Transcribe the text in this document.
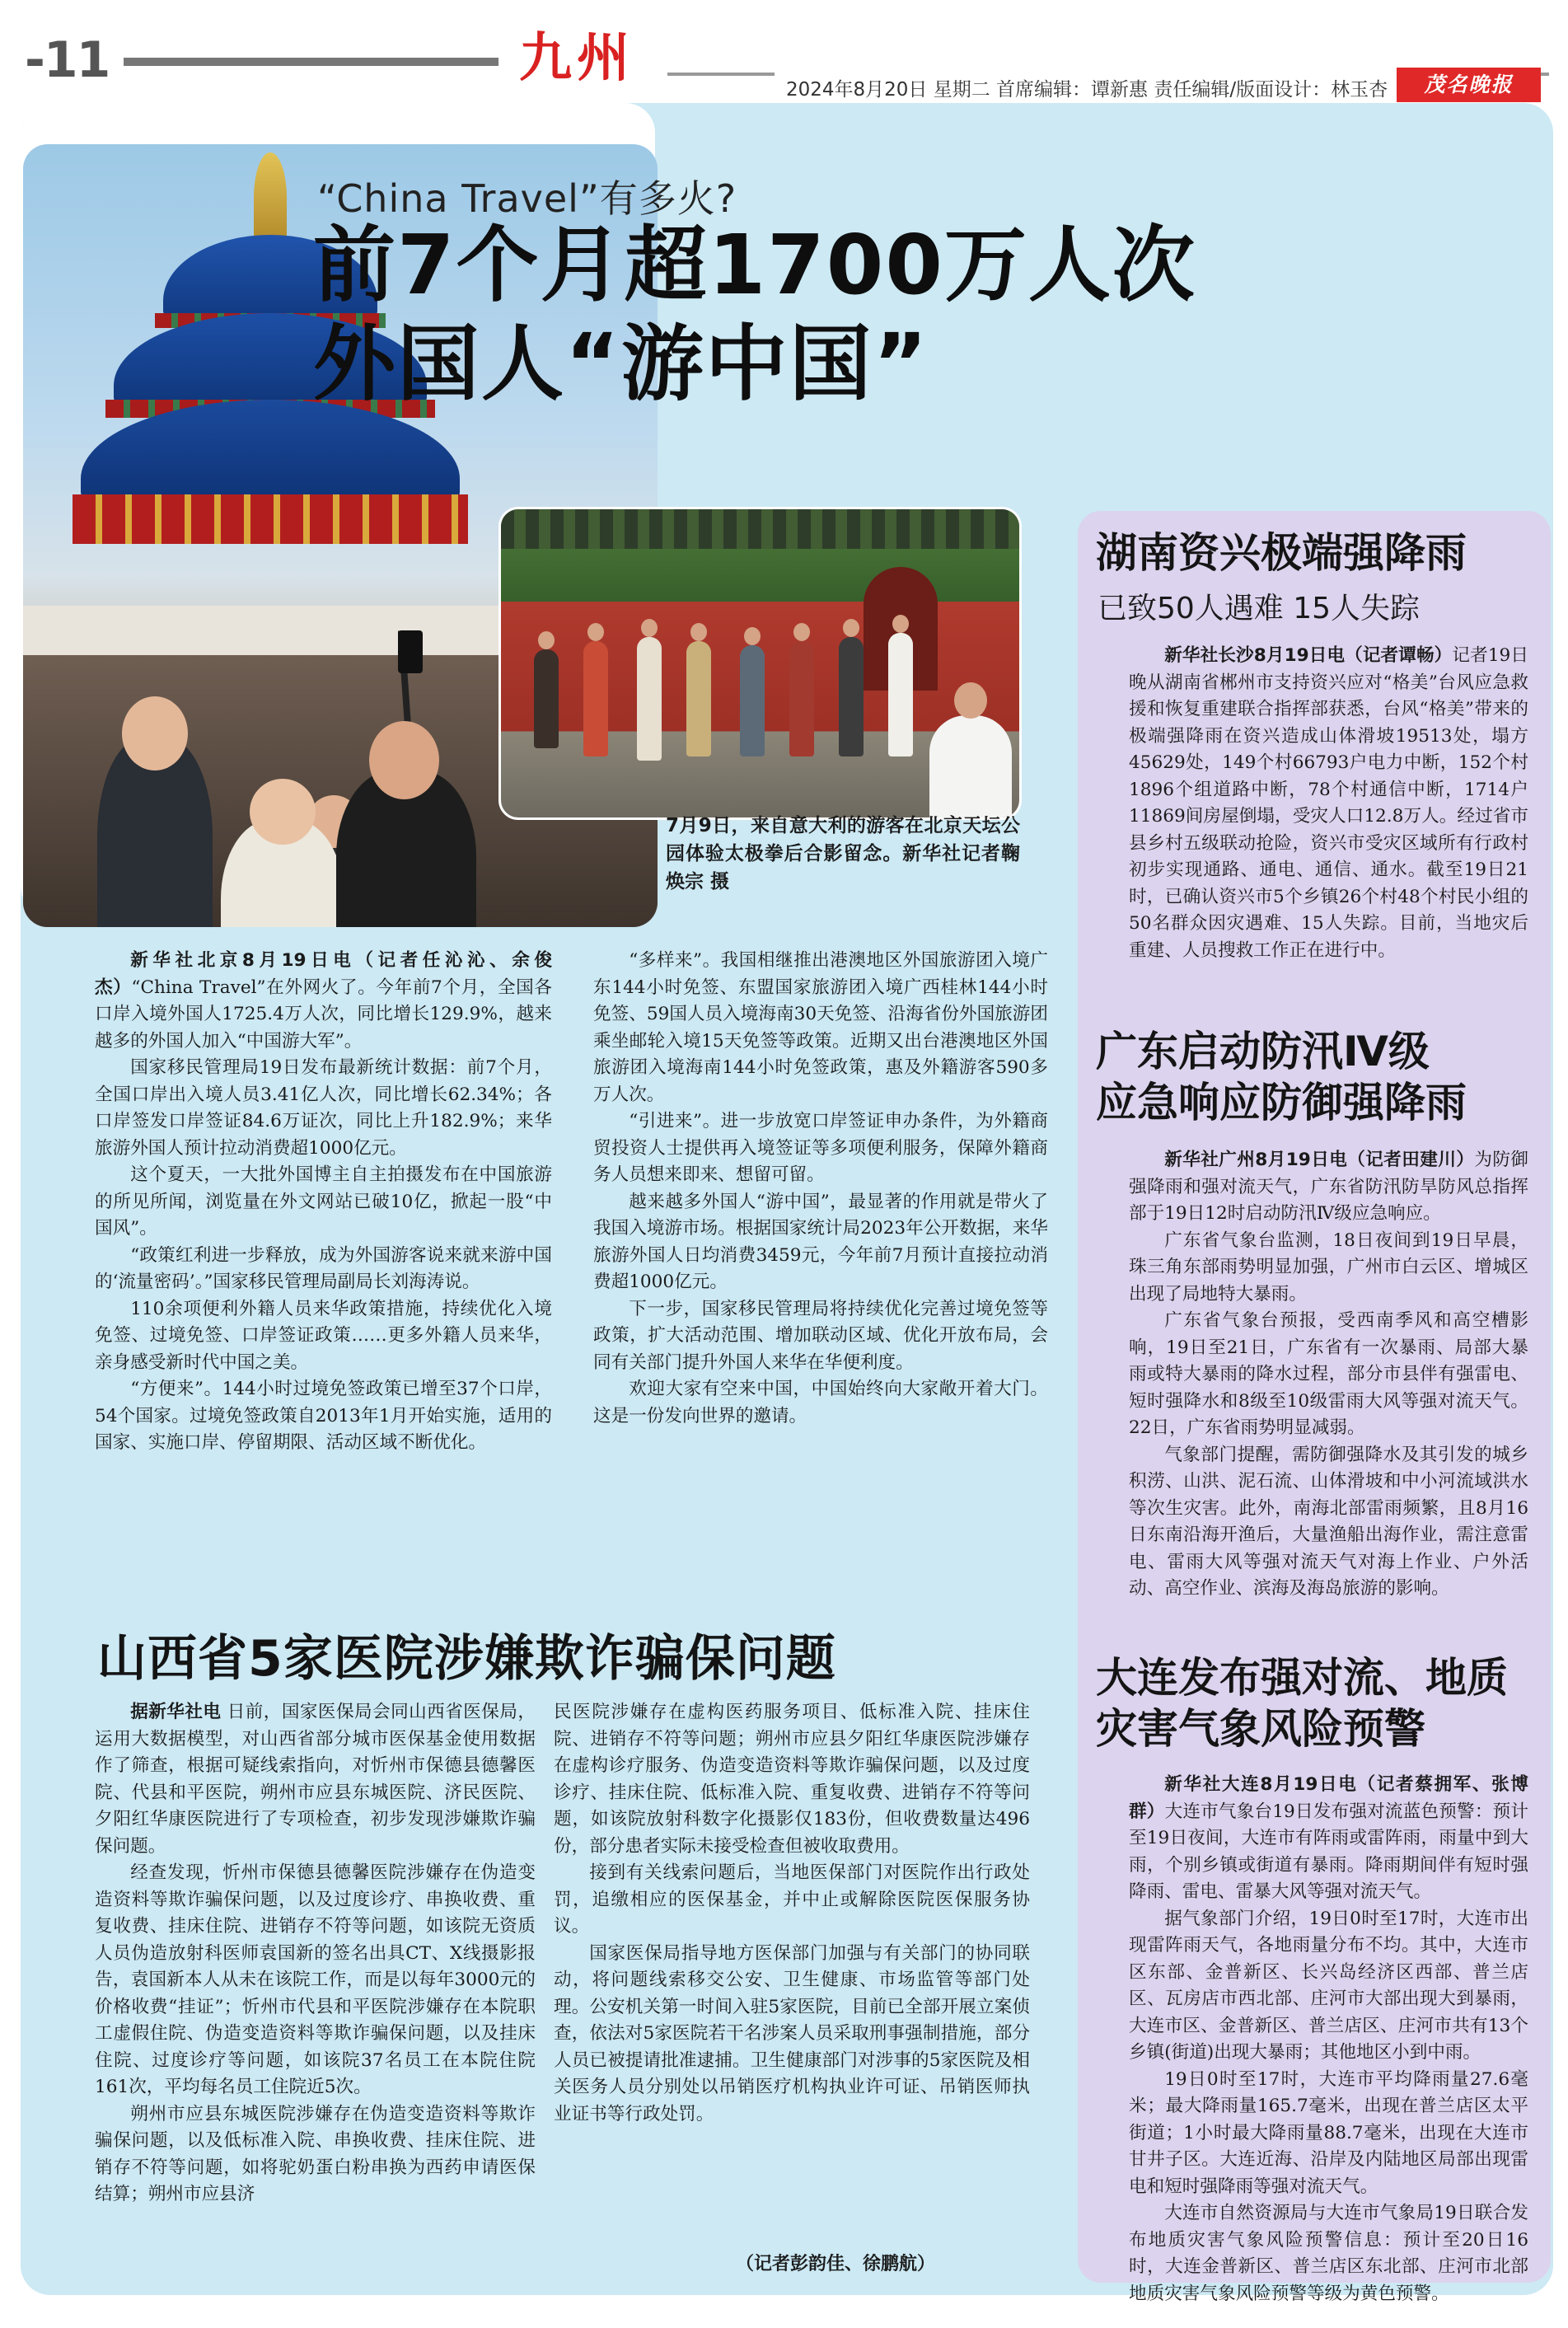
-11	九州
2024年8月20日 星期二 首席编辑：谭新惠 责任编辑/版面设计：林玉杏	茂名晚报
“China Travel”有多火?
前7个月超1700万人次
外国人“游中国”
7月9日，来自意大利的游客在北京天坛公园体验太极拳后合影留念。新华社记者鞠焕宗 摄

新华社北京8月19日电（记者任沁沁、余俊杰）“China Travel”在外网火了。今年前7个月，全国各口岸入境外国人1725.4万人次，同比增长129.9%，越来越多的外国人加入“中国游大军”。

国家移民管理局19日发布最新统计数据：前7个月，全国口岸出入境人员3.41亿人次，同比增长62.34%；各口岸签发口岸签证84.6万证次，同比上升182.9%；来华旅游外国人预计拉动消费超1000亿元。

这个夏天，一大批外国博主自主拍摄发布在中国旅游的所见所闻，浏览量在外文网站已破10亿，掀起一股“中国风”。

“政策红利进一步释放，成为外国游客说来就来游中国的‘流量密码’。”国家移民管理局副局长刘海涛说。

110余项便利外籍人员来华政策措施，持续优化入境免签、过境免签、口岸签证政策……更多外籍人员来华，亲身感受新时代中国之美。

“方便来”。144小时过境免签政策已增至37个口岸，54个国家。过境免签政策自2013年1月开始实施，适用的国家、实施口岸、停留期限、活动区域不断优化。

“多样来”。我国相继推出港澳地区外国旅游团入境广东144小时免签、东盟国家旅游团入境广西桂林144小时免签、59国人员入境海南30天免签、沿海省份外国旅游团乘坐邮轮入境15天免签等政策。近期又出台港澳地区外国旅游团入境海南144小时免签政策，惠及外籍游客590多万人次。

“引进来”。进一步放宽口岸签证申办条件，为外籍商贸投资人士提供再入境签证等多项便利服务，保障外籍商务人员想来即来、想留可留。

越来越多外国人“游中国”，最显著的作用就是带火了我国入境游市场。根据国家统计局2023年公开数据，来华旅游外国人日均消费3459元，今年前7月预计直接拉动消费超1000亿元。

下一步，国家移民管理局将持续优化完善过境免签等政策，扩大活动范围、增加联动区域、优化开放布局，会同有关部门提升外国人来华在华便利度。

欢迎大家有空来中国，中国始终向大家敞开着大门。这是一份发向世界的邀请。

山西省5家医院涉嫌欺诈骗保问题

据新华社电 日前，国家医保局会同山西省医保局，运用大数据模型，对山西省部分城市医保基金使用数据作了筛查，根据可疑线索指向，对忻州市保德县德馨医院、代县和平医院，朔州市应县东城医院、济民医院、夕阳红华康医院进行了专项检查，初步发现涉嫌欺诈骗保问题。

经查发现，忻州市保德县德馨医院涉嫌存在伪造变造资料等欺诈骗保问题，以及过度诊疗、串换收费、重复收费、挂床住院、进销存不符等问题，如该院无资质人员伪造放射科医师袁国新的签名出具CT、X线摄影报告，袁国新本人从未在该院工作，而是以每年3000元的价格收费“挂证”；忻州市代县和平医院涉嫌存在本院职工虚假住院、伪造变造资料等欺诈骗保问题，以及挂床住院、过度诊疗等问题，如该院37名员工在本院住院161次，平均每名员工住院近5次。

朔州市应县东城医院涉嫌存在伪造变造资料等欺诈骗保问题，以及低标准入院、串换收费、挂床住院、进销存不符等问题，如将驼奶蛋白粉串换为西药申请医保结算；朔州市应县济

民医院涉嫌存在虚构医药服务项目、低标准入院、挂床住院、进销存不符等问题；朔州市应县夕阳红华康医院涉嫌存在虚构诊疗服务、伪造变造资料等欺诈骗保问题，以及过度诊疗、挂床住院、低标准入院、重复收费、进销存不符等问题，如该院放射科数字化摄影仅183份，但收费数量达496份，部分患者实际未接受检查但被收取费用。

接到有关线索问题后，当地医保部门对医院作出行政处罚，追缴相应的医保基金，并中止或解除医院医保服务协议。

国家医保局指导地方医保部门加强与有关部门的协同联动，将问题线索移交公安、卫生健康、市场监管等部门处理。公安机关第一时间入驻5家医院，目前已全部开展立案侦查，依法对5家医院若干名涉案人员采取刑事强制措施，部分人员已被提请批准逮捕。卫生健康部门对涉事的5家医院及相关医务人员分别处以吊销医疗机构执业许可证、吊销医师执业证书等行政处罚。

（记者彭韵佳、徐鹏航）
湖南资兴极端强降雨
已致50人遇难 15人失踪

新华社长沙8月19日电（记者谭畅）记者19日晚从湖南省郴州市支持资兴应对“格美”台风应急救援和恢复重建联合指挥部获悉，台风“格美”带来的极端强降雨在资兴造成山体滑坡19513处，塌方45629处，149个村66793户电力中断，152个村1896个组道路中断，78个村通信中断，1714户11869间房屋倒塌，受灾人口12.8万人。经过省市县乡村五级联动抢险，资兴市受灾区域所有行政村初步实现通路、通电、通信、通水。截至19日21时，已确认资兴市5个乡镇26个村48个村民小组的50名群众因灾遇难、15人失踪。目前，当地灾后重建、人员搜救工作正在进行中。

广东启动防汛Ⅳ级
应急响应防御强降雨

新华社广州8月19日电（记者田建川）为防御强降雨和强对流天气，广东省防汛防旱防风总指挥部于19日12时启动防汛Ⅳ级应急响应。

广东省气象台监测，18日夜间到19日早晨，珠三角东部雨势明显加强，广州市白云区、增城区出现了局地特大暴雨。

广东省气象台预报，受西南季风和高空槽影响，19日至21日，广东省有一次暴雨、局部大暴雨或特大暴雨的降水过程，部分市县伴有强雷电、短时强降水和8级至10级雷雨大风等强对流天气。22日，广东省雨势明显减弱。

气象部门提醒，需防御强降水及其引发的城乡积涝、山洪、泥石流、山体滑坡和中小河流域洪水等次生灾害。此外，南海北部雷雨频繁，且8月16日东南沿海开渔后，大量渔船出海作业，需注意雷电、雷雨大风等强对流天气对海上作业、户外活动、高空作业、滨海及海岛旅游的影响。

大连发布强对流、地质
灾害气象风险预警

新华社大连8月19日电（记者蔡拥军、张博群）大连市气象台19日发布强对流蓝色预警：预计至19日夜间，大连市有阵雨或雷阵雨，雨量中到大雨，个别乡镇或街道有暴雨。降雨期间伴有短时强降雨、雷电、雷暴大风等强对流天气。

据气象部门介绍，19日0时至17时，大连市出现雷阵雨天气，各地雨量分布不均。其中，大连市区东部、金普新区、长兴岛经济区西部、普兰店区、瓦房店市西北部、庄河市大部出现大到暴雨，大连市区、金普新区、普兰店区、庄河市共有13个乡镇(街道)出现大暴雨；其他地区小到中雨。

19日0时至17时，大连市平均降雨量27.6毫米；最大降雨量165.7毫米，出现在普兰店区太平街道；1小时最大降雨量88.7毫米，出现在大连市甘井子区。大连近海、沿岸及内陆地区局部出现雷电和短时强降雨等强对流天气。

大连市自然资源局与大连市气象局19日联合发布地质灾害气象风险预警信息：预计至20日16时，大连金普新区、普兰店区东北部、庄河市北部地质灾害气象风险预警等级为黄色预警。
